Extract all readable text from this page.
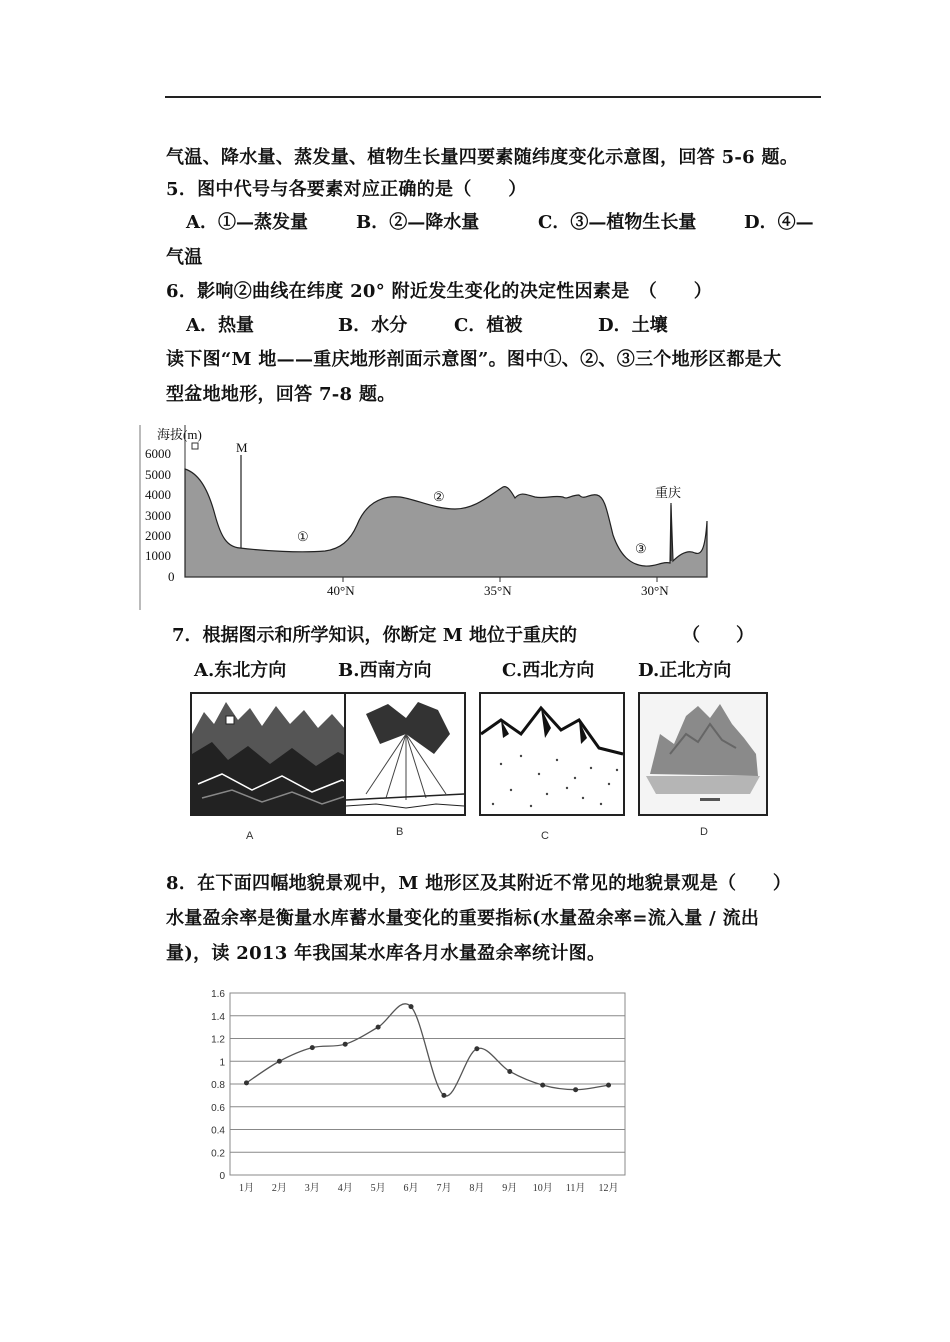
气温、降水量、蒸发量、植物生长量四要素随纬度变化示意图，回答 5-6 题。
5．图中代号与各要素对应正确的是（　　）
A．①—蒸发量	B．②—降水量	C．③—植物生长量	D．④—
气温
6．影响②曲线在纬度 20° 附近发生变化的决定性因素是　（　　）
A．热量	B．水分	C．植被	D．土壤
读下图“M 地——重庆地形剖面示意图”。图中①、②、③三个地形区都是大
型盆地地形，回答 7-8 题。
海拔(m)
6000
5000
4000
3000
2000
1000
0
M
重庆
①
②
③
40°N	35°N	30°N
7．根据图示和所学知识，你断定 M 地位于重庆的	（　　）
A.东北方向	B.西南方向	C.西北方向 D.正北方向
A	B	C	D
8．在下面四幅地貌景观中，M 地形区及其附近不常见的地貌景观是（　　）
水量盈余率是衡量水库蓄水量变化的重要指标(水量盈余率=流入量 / 流出
量)，读 2013 年我国某水库各月水量盈余率统计图。
0
0.2
0.4
0.6
0.8
1
1.2
1.4
1.6
1月 2月 3月 4月 5月 6月 7月 8月 9月 10月 11月 12月
